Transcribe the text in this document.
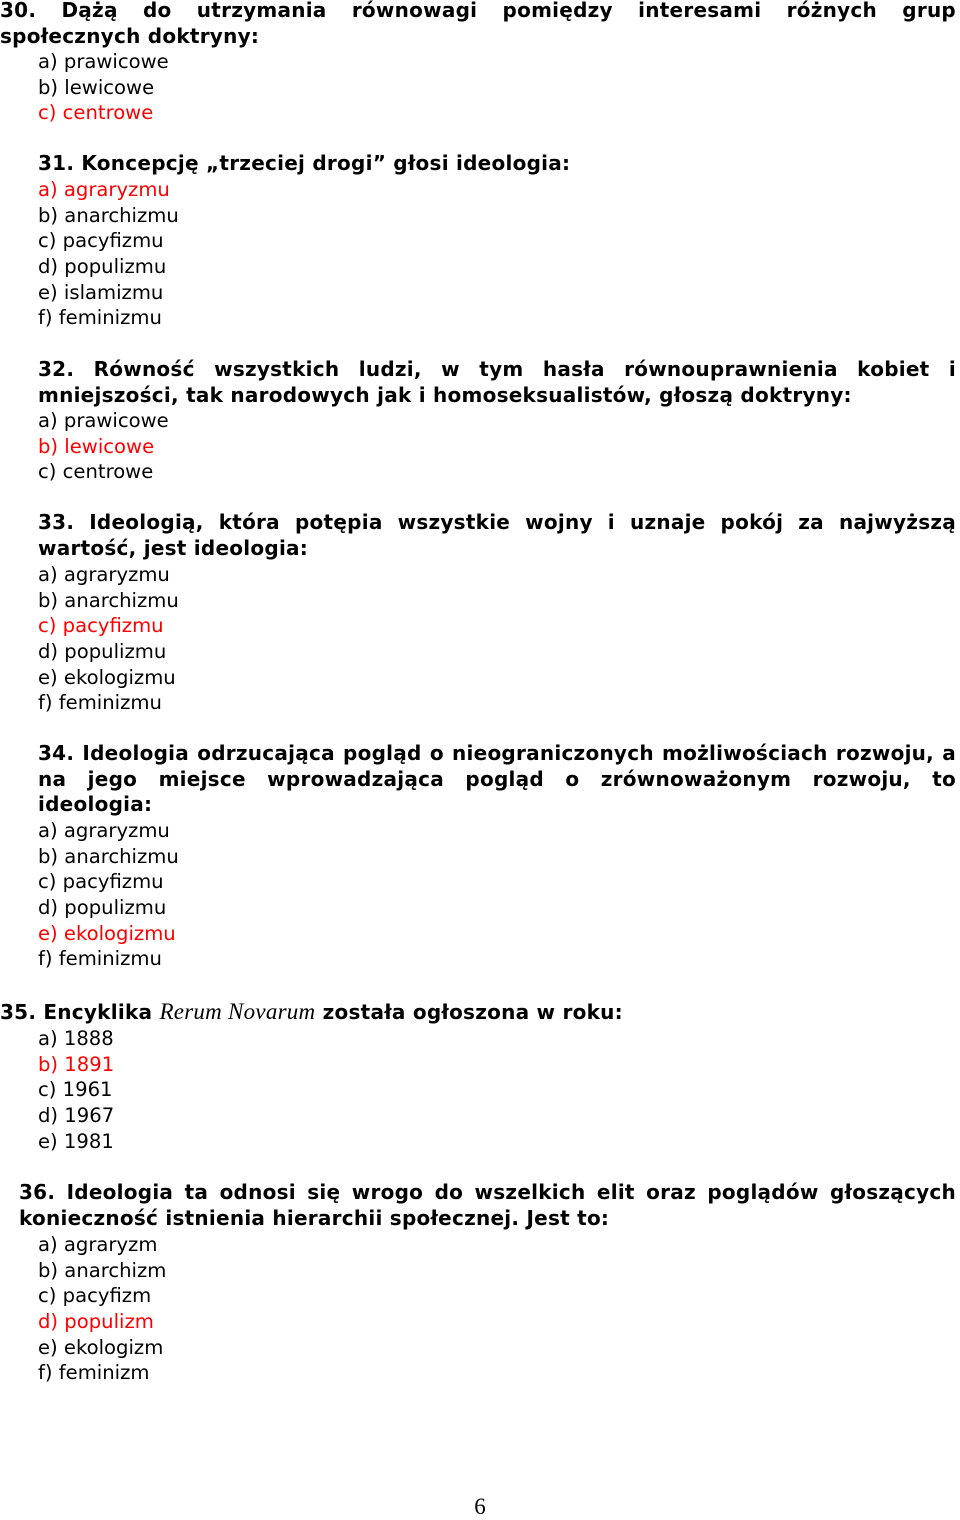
30. Dążą do utrzymania równowagi pomiędzy interesami różnych grup społecznych doktryny:
a) prawicowe
b) lewicowe
c) centrowe
31. Koncepcję „trzeciej drogi” głosi ideologia:
a) agraryzmu
b) anarchizmu
c) pacyfizmu
d) populizmu
e) islamizmu
f) feminizmu
32. Równość wszystkich ludzi, w tym hasła równouprawnienia kobiet i mniejszości, tak narodowych jak i homoseksualistów, głoszą doktryny:
a) prawicowe
b) lewicowe
c) centrowe
33. Ideologią, która potępia wszystkie wojny i uznaje pokój za najwyższą wartość, jest ideologia:
a) agraryzmu
b) anarchizmu
c) pacyfizmu
d) populizmu
e) ekologizmu
f) feminizmu
34. Ideologia odrzucająca pogląd o nieograniczonych możliwościach rozwoju, a na jego miejsce wprowadzająca pogląd o zrównoważonym rozwoju, to ideologia:
a) agraryzmu
b) anarchizmu
c) pacyfizmu
d) populizmu
e) ekologizmu
f) feminizmu
35. Encyklika Rerum Novarum została ogłoszona w roku:
a) 1888
b) 1891
c) 1961
d) 1967
e) 1981
36. Ideologia ta odnosi się wrogo do wszelkich elit oraz poglądów głoszących konieczność istnienia hierarchii społecznej. Jest to:
a) agraryzm
b) anarchizm
c) pacyfizm
d) populizm
e) ekologizm
f) feminizm
6
